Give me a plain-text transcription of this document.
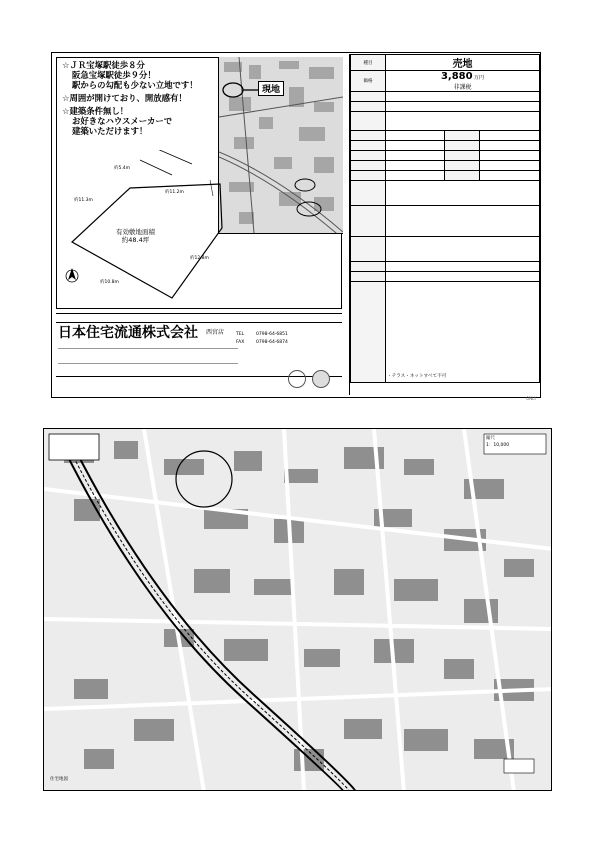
☆ＪＲ宝塚駅徒歩８分
阪急宝塚駅徒歩９分！
駅からの勾配も少ない立地です！
☆周囲が開けており、開放感有！
☆建築条件無し！
お好きなハウスメーカーで
建築いただけます！
現地
約5.4m
約11.2m
約11.3m
約12.8m
約10.8m
有効敷地面積
約48.4坪
日本住宅流通株式会社 西宮店	TEL	0798-64-6851
FAX	0798-64-6874
種目	売地		
価格	3,880 万円
非課税		

	・テラス・ネットすべて不可		
ONLY
縮尺
1：10,000
住宅地図
